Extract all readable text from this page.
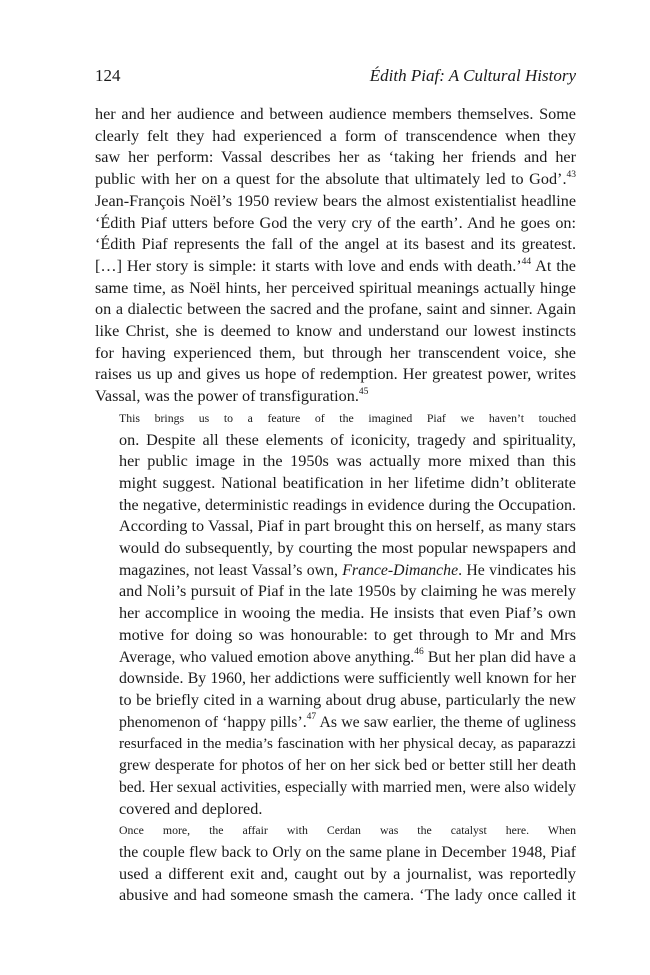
124	Édith Piaf: A Cultural History

her and her audience and between audience members themselves. Some
clearly felt they had experienced a form of transcendence when they
saw her perform: Vassal describes her as ‘taking her friends and her
public with her on a quest for the absolute that ultimately led to God’.$^{43}$
Jean-François Noël’s 1950 review bears the almost existentialist headline
‘Édith Piaf utters before God the very cry of the earth’. And he goes on:
‘Édith Piaf represents the fall of the angel at its basest and its greatest.
[…] Her story is simple: it starts with love and ends with death.’$^{44}$ At the
same time, as Noël hints, her perceived spiritual meanings actually hinge
on a dialectic between the sacred and the profane, saint and sinner. Again
like Christ, she is deemed to know and understand our lowest instincts
for having experienced them, but through her transcendent voice, she
raises us up and gives us hope of redemption. Her greatest power, writes
Vassal, was the power of transfiguration.$^{45}$

This brings us to a feature of the imagined Piaf we haven’t touched
on. Despite all these elements of iconicity, tragedy and spirituality,
her public image in the 1950s was actually more mixed than this
might suggest. National beatification in her lifetime didn’t obliterate
the negative, deterministic readings in evidence during the Occupation.
According to Vassal, Piaf in part brought this on herself, as many stars
would do subsequently, by courting the most popular newspapers and
magazines, not least Vassal’s own, France-Dimanche. He vindicates his
and Noli’s pursuit of Piaf in the late 1950s by claiming he was merely
her accomplice in wooing the media. He insists that even Piaf’s own
motive for doing so was honourable: to get through to Mr and Mrs
Average, who valued emotion above anything.$^{46}$ But her plan did have a
downside. By 1960, her addictions were sufficiently well known for her
to be briefly cited in a warning about drug abuse, particularly the new
phenomenon of ‘happy pills’.$^{47}$ As we saw earlier, the theme of ugliness
resurfaced in the media’s fascination with her physical decay, as paparazzi
grew desperate for photos of her on her sick bed or better still her death
bed. Her sexual activities, especially with married men, were also widely
covered and deplored.

Once more, the affair with Cerdan was the catalyst here. When
the couple flew back to Orly on the same plane in December 1948, Piaf
used a different exit and, caught out by a journalist, was reportedly
abusive and had someone smash the camera. ‘The lady once called it
